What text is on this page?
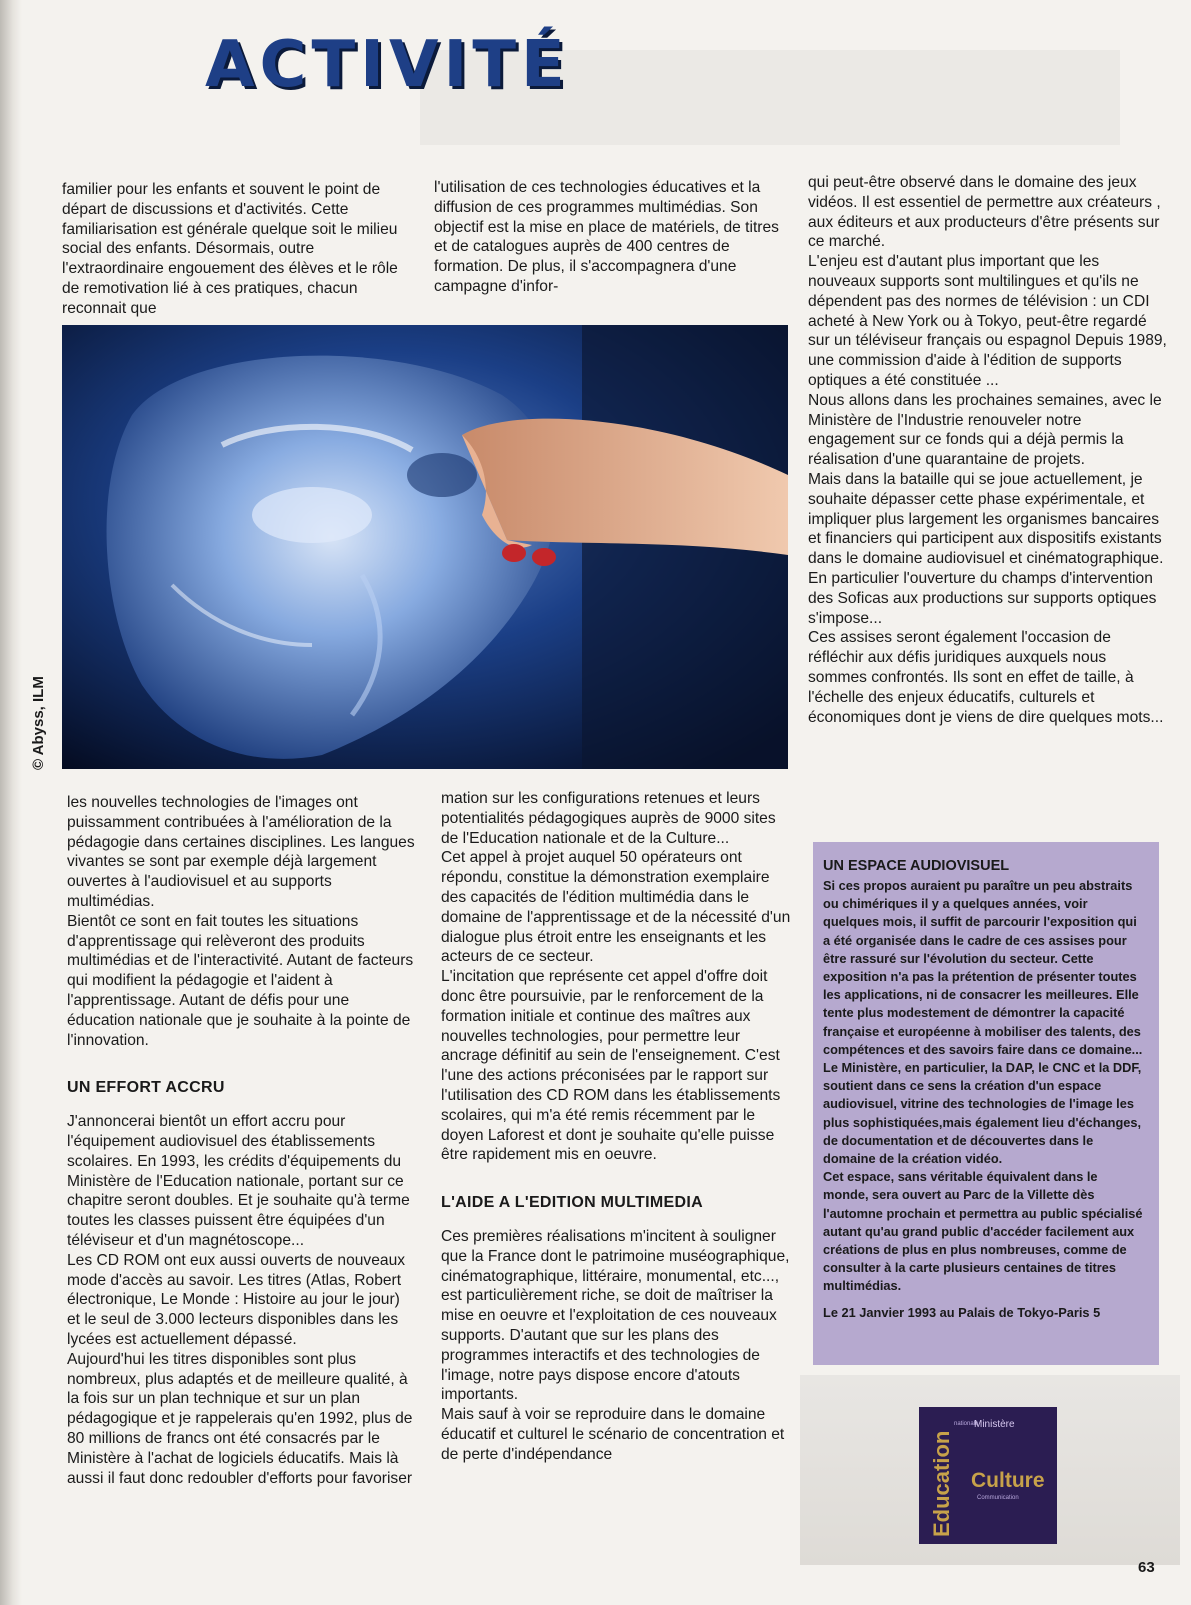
ACTIVITÉ

familier pour les enfants et souvent le point de départ de discussions et d'activités. Cette familiarisation est générale quelque soit le milieu social des enfants. Désormais, outre l'extraordinaire engouement des élèves et le rôle de remotivation lié à ces pratiques, chacun reconnait que

l'utilisation de ces technologies éducatives et la diffusion de ces programmes multimédias. Son objectif est la mise en place de matériels, de titres et de catalogues auprès de 400 centres de formation. De plus, il s'accompagnera d'une campagne d'infor-

qui peut-être observé dans le domaine des jeux vidéos. Il est essentiel de permettre aux créateurs , aux éditeurs et aux producteurs d'être présents sur ce marché.

L'enjeu est d'autant plus important que les nouveaux supports sont multilingues et qu'ils ne dépendent pas des normes de télévision : un CDI acheté à New York ou à Tokyo, peut-être regardé sur un téléviseur français ou espagnol Depuis 1989, une commission d'aide à l'édition de supports optiques a été constituée ...

Nous allons dans les prochaines semaines, avec le Ministère de l'Industrie renouveler notre engagement sur ce fonds qui a déjà permis la réalisation d'une quarantaine de projets.

Mais dans la bataille qui se joue actuellement, je souhaite dépasser cette phase expérimentale, et impliquer plus largement les organismes bancaires et financiers qui participent aux dispositifs existants dans le domaine audiovisuel et cinématographique. En particulier l'ouverture du champs d'intervention des Soficas aux productions sur supports optiques s'impose...

Ces assises seront également l'occasion de réfléchir aux défis juridiques auxquels nous sommes confrontés. Ils sont en effet de taille, à l'échelle des enjeux éducatifs, culturels et économiques dont je viens de dire quelques mots...

© Abyss, ILM

les nouvelles technologies de l'images ont puissamment contribuées à l'amélioration de la pédagogie dans certaines disciplines. Les langues vivantes se sont par exemple déjà largement ouvertes à l'audiovisuel et au supports multimédias.

Bientôt ce sont en fait toutes les situations d'apprentissage qui relèveront des produits multimédias et de l'interactivité. Autant de facteurs qui modifient la pédagogie et l'aident à l'apprentissage. Autant de défis pour une éducation nationale que je souhaite à la pointe de l'innovation.

UN EFFORT ACCRU

J'annoncerai bientôt un effort accru pour l'équipement audiovisuel des établissements scolaires. En 1993, les crédits d'équipements du Ministère de l'Education nationale, portant sur ce chapitre seront doubles. Et je souhaite qu'à terme toutes les classes puissent être équipées d'un téléviseur et d'un magnétoscope...

Les CD ROM ont eux aussi ouverts de nouveaux mode d'accès au savoir. Les titres (Atlas, Robert électronique, Le Monde : Histoire au jour le jour) et le seul de 3.000 lecteurs disponibles dans les lycées est actuellement dépassé.

Aujourd'hui les titres disponibles sont plus nombreux, plus adaptés et de meilleure qualité, à la fois sur un plan technique et sur un plan pédagogique et je rappelerais qu'en 1992, plus de 80 millions de francs ont été consacrés par le Ministère à l'achat de logiciels éducatifs. Mais là aussi il faut donc redoubler d'efforts pour favoriser

mation sur les configurations retenues et leurs potentialités pédagogiques auprès de 9000 sites de l'Education nationale et de la Culture...

Cet appel à projet auquel 50 opérateurs ont répondu, constitue la démonstration exemplaire des capacités de l'édition multimédia dans le domaine de l'apprentissage et de la nécessité d'un dialogue plus étroit entre les enseignants et les acteurs de ce secteur.

L'incitation que représente cet appel d'offre doit donc être poursuivie, par le renforcement de la formation initiale et continue des maîtres aux nouvelles technologies, pour permettre leur ancrage définitif au sein de l'enseignement. C'est l'une des actions préconisées par le rapport sur l'utilisation des CD ROM dans les établissements scolaires, qui m'a été remis récemment par le doyen Laforest et dont je souhaite qu'elle puisse être rapidement mis en oeuvre.

L'AIDE A L'EDITION MULTIMEDIA

Ces premières réalisations m'incitent à souligner que la France dont le patrimoine muséographique, cinématographique, littéraire, monumental, etc..., est particulièrement riche, se doit de maîtriser la mise en oeuvre et l'exploitation de ces nouveaux supports. D'autant que sur les plans des programmes interactifs et des technologies de l'image, notre pays dispose encore d'atouts importants.

Mais sauf à voir se reproduire dans le domaine éducatif et culturel le scénario de concentration et de perte d'indépendance

UN ESPACE AUDIOVISUEL

Si ces propos auraient pu paraître un peu abstraits ou chimériques il y a quelques années, voir quelques mois, il suffit de parcourir l'exposition qui a été organisée dans le cadre de ces assises pour être rassuré sur l'évolution du secteur. Cette exposition n'a pas la prétention de présenter toutes les applications, ni de consacrer les meilleures. Elle tente plus modestement de démontrer la capacité française et européenne à mobiliser des talents, des compétences et des savoirs faire dans ce domaine...

Le Ministère, en particulier, la DAP, le CNC et la DDF, soutient dans ce sens la création d'un espace audiovisuel, vitrine des technologies de l'image les plus sophistiquées,mais également lieu d'échanges, de documentation et de découvertes dans le domaine de la création vidéo.

Cet espace, sans véritable équivalent dans le monde, sera ouvert au Parc de la Villette dès l'automne prochain et permettra au public spécialisé autant qu'au grand public d'accéder facilement aux créations de plus en plus nombreuses, comme de consulter à la carte plusieurs centaines de titres multimédias.

Le 21 Janvier 1993 au Palais de Tokyo-Paris 5

Education
nationale
Ministère
Culture
Communication
63
